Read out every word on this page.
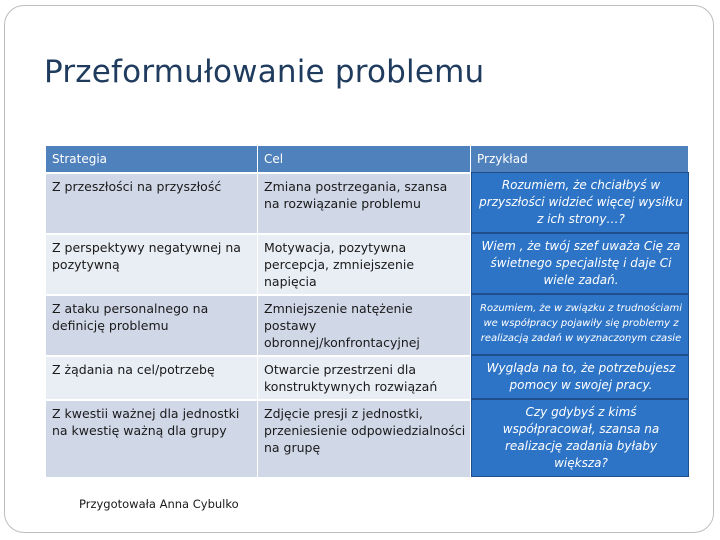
Przeformułowanie problemu
Strategia	Cel	Przykład
Z przeszłości na przyszłość	Zmiana postrzegania, szansa na rozwiązanie problemu	Rozumiem, że chciałbyś w przyszłości widzieć więcej wysiłku z ich strony…?
Z perspektywy negatywnej na pozytywną	Motywacja, pozytywna percepcja, zmniejszenie napięcia	Wiem , że twój szef uważa Cię za świetnego specjalistę i daje Ci wiele zadań.
Z ataku personalnego na definicję problemu	Zmniejszenie natężenie postawy obronnej/konfrontacyjnej	Rozumiem, że w związku z trudnościami we współpracy pojawiły się problemy z realizacją zadań w wyznaczonym czasie
Z żądania na cel/potrzebę	Otwarcie przestrzeni dla konstruktywnych rozwiązań	Wygląda na to, że potrzebujesz pomocy w swojej pracy.
Z kwestii ważnej dla jednostki na kwestię ważną dla grupy	Zdjęcie presji z jednostki, przeniesienie odpowiedzialności na grupę	Czy gdybyś z kimś współpracował, szansa na realizację zadania byłaby większa?
Przygotowała Anna Cybulko
